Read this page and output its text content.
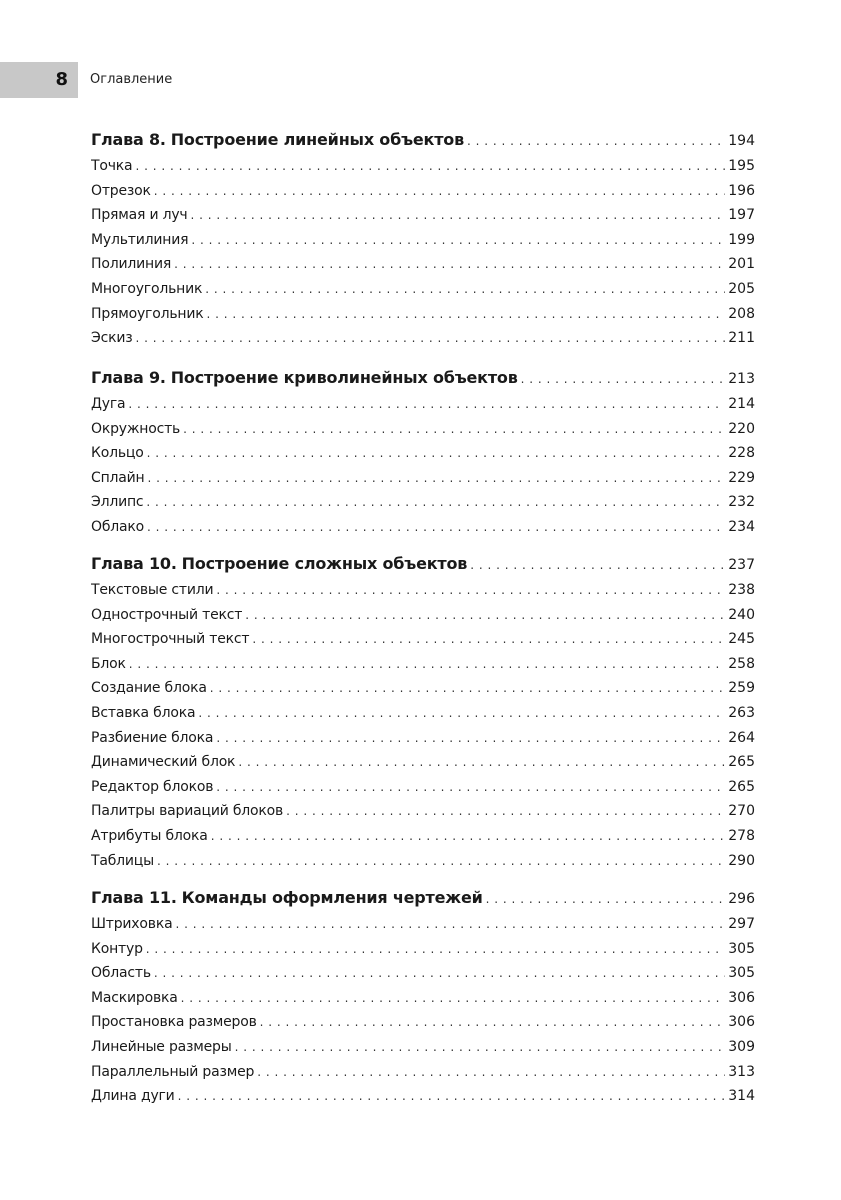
8 Оглавление
Глава 8. Построение линейных объектов . . .	194
Точка . . .	195
Отрезок . . .	196
Прямая и луч . . .	197
Мультилиния . . .	199
Полилиния . . .	201
Многоугольник . . .	205
Прямоугольник . . .	208
Эскиз . . .	211
Глава 9. Построение криволинейных объектов . . .	213
Дуга . . .	214
Окружность . . .	220
Кольцо . . .	228
Сплайн . . .	229
Эллипс . . .	232
Облако . . .	234
Глава 10. Построение сложных объектов . . .	237
Текстовые стили . . .	238
Однострочный текст . . .	240
Многострочный текст . . .	245
Блок . . .	258
Создание блока . . .	259
Вставка блока . . .	263
Разбиение блока . . .	264
Динамический блок . . .	265
Редактор блоков . . .	265
Палитры вариаций блоков . . .	270
Атрибуты блока . . .	278
Таблицы . . .	290
Глава 11. Команды оформления чертежей . . .	296
Штриховка . . .	297
Контур . . .	305
Область . . .	305
Маскировка . . .	306
Простановка размеров . . .	306
Линейные размеры . . .	309
Параллельный размер . . .	313
Длина дуги . . .	314
